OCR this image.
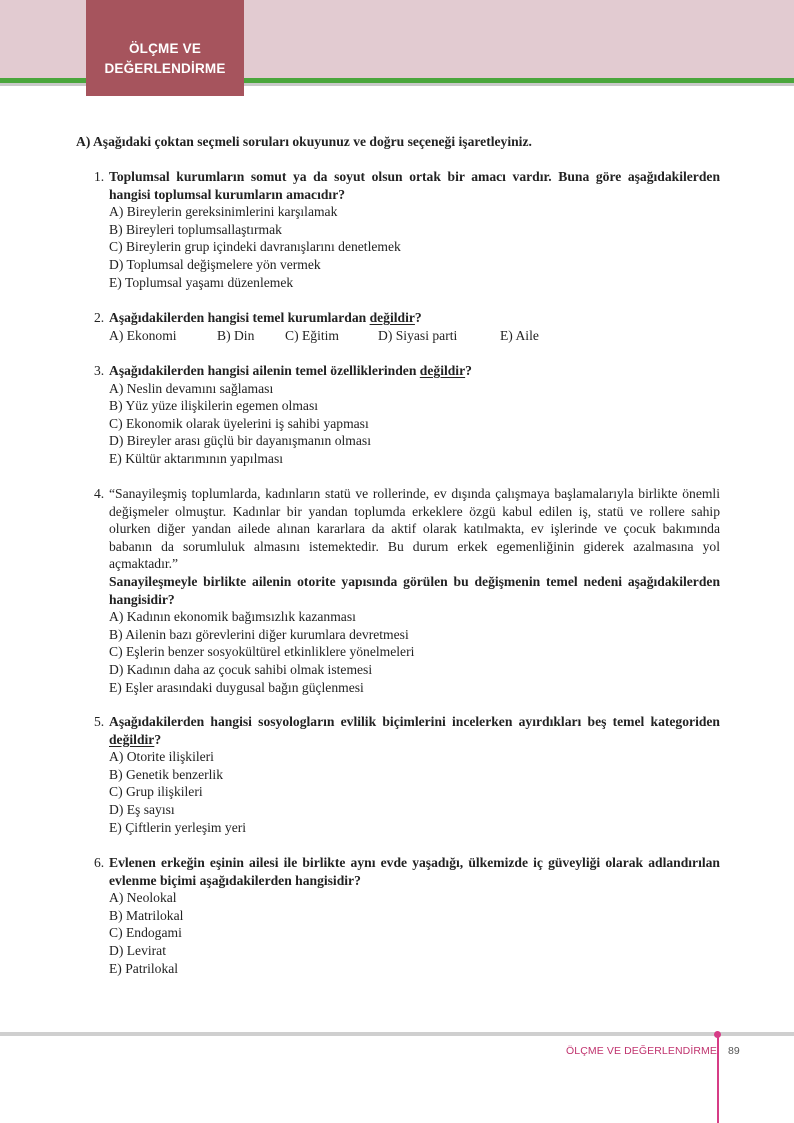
ÖLÇME VE
DEĞERLENDİRME
A) Aşağıdaki çoktan seçmeli soruları okuyunuz ve doğru seçeneği işaretleyiniz.
1. Toplumsal kurumların somut ya da soyut olsun ortak bir amacı vardır. Buna göre aşağıdakilerden hangisi toplumsal kurumların amacıdır?
A) Bireylerin gereksinimlerini karşılamak
B) Bireyleri toplumsallaştırmak
C) Bireylerin grup içindeki davranışlarını denetlemek
D) Toplumsal değişmelere yön vermek
E) Toplumsal yaşamı düzenlemek
2. Aşağıdakilerden hangisi temel kurumlardan değildir?
A) Ekonomi	B) Din	C) Eğitim	D) Siyasi parti	E) Aile
3. Aşağıdakilerden hangisi ailenin temel özelliklerinden değildir?
A) Neslin devamını sağlaması
B) Yüz yüze ilişkilerin egemen olması
C) Ekonomik olarak üyelerini iş sahibi yapması
D) Bireyler arası güçlü bir dayanışmanın olması
E) Kültür aktarımının yapılması
4. “Sanayileşmiş toplumlarda, kadınların statü ve rollerinde, ev dışında çalışmaya başlamalarıyla birlikte önemli değişmeler olmuştur. Kadınlar bir yandan toplumda erkeklere özgü kabul edilen iş, statü ve rollere sahip olurken diğer yandan ailede alınan kararlara da aktif olarak katılmakta, ev işlerinde ve çocuk bakımında babanın da sorumluluk almasını istemektedir. Bu durum erkek egemenliğinin giderek azalmasına yol açmaktadır.”
Sanayileşmeyle birlikte ailenin otorite yapısında görülen bu değişmenin temel nedeni aşağıdakilerden hangisidir?
A) Kadının ekonomik bağımsızlık kazanması
B) Ailenin bazı görevlerini diğer kurumlara devretmesi
C) Eşlerin benzer sosyokültürel etkinliklere yönelmeleri
D) Kadının daha az çocuk sahibi olmak istemesi
E) Eşler arasındaki duygusal bağın güçlenmesi
5. Aşağıdakilerden hangisi sosyologların evlilik biçimlerini incelerken ayırdıkları beş temel kategoriden değildir?
A) Otorite ilişkileri
B) Genetik benzerlik
C) Grup ilişkileri
D) Eş sayısı
E) Çiftlerin yerleşim yeri
6. Evlenen erkeğin eşinin ailesi ile birlikte aynı evde yaşadığı, ülkemizde iç güveyliği olarak adlandırılan evlenme biçimi aşağıdakilerden hangisidir?
A) Neolokal
B) Matrilokal
C) Endogami
D) Levirat
E) Patrilokal
ÖLÇME VE DEĞERLENDİRME 89
